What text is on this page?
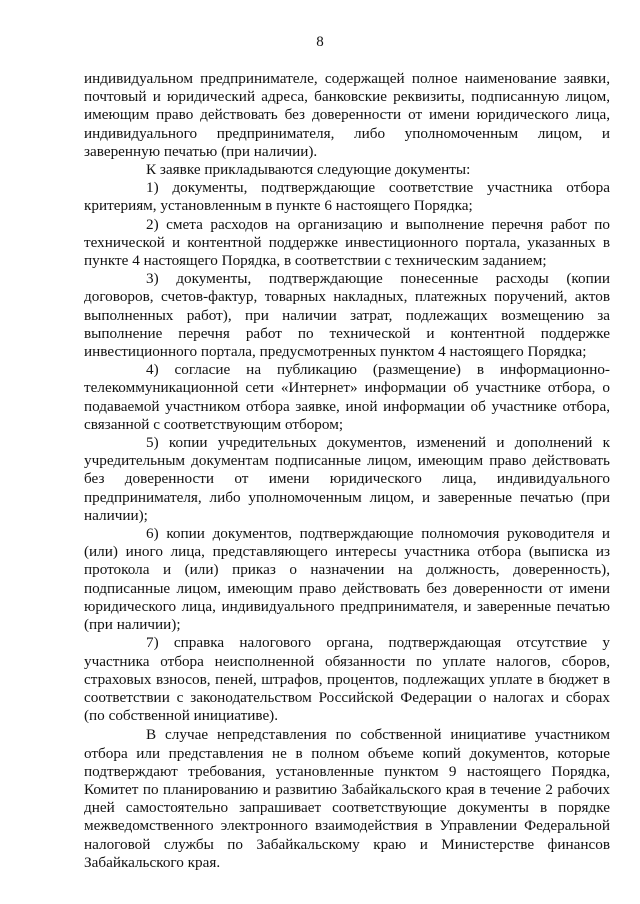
8

индивидуальном предпринимателе, содержащей полное наименование заявки, почтовый и юридический адреса, банковские реквизиты, подписанную лицом, имеющим право действовать без доверенности от имени юридического лица, индивидуального предпринимателя, либо уполномоченным лицом, и заверенную печатью (при наличии).

К заявке прикладываются следующие документы:

1) документы, подтверждающие соответствие участника отбора критериям, установленным в пункте 6 настоящего Порядка;

2) смета расходов на организацию и выполнение перечня работ по технической и контентной поддержке инвестиционного портала, указанных в пункте 4 настоящего Порядка, в соответствии с техническим заданием;

3) документы, подтверждающие понесенные расходы (копии договоров, счетов-фактур, товарных накладных, платежных поручений, актов выполненных работ), при наличии затрат, подлежащих возмещению за выполнение перечня работ по технической и контентной поддержке инвестиционного портала, предусмотренных пунктом 4 настоящего Порядка;

4) согласие на публикацию (размещение) в информационно-телекоммуникационной сети «Интернет» информации об участнике отбора, о подаваемой участником отбора заявке, иной информации об участнике отбора, связанной с соответствующим отбором;

5) копии учредительных документов, изменений и дополнений к учредительным документам подписанные лицом, имеющим право действовать без доверенности от имени юридического лица, индивидуального предпринимателя, либо уполномоченным лицом, и заверенные печатью (при наличии);

6) копии документов, подтверждающие полномочия руководителя и (или) иного лица, представляющего интересы участника отбора (выписка из протокола и (или) приказ о назначении на должность, доверенность), подписанные лицом, имеющим право действовать без доверенности от имени юридического лица, индивидуального предпринимателя, и заверенные печатью (при наличии);

7) справка налогового органа, подтверждающая отсутствие у участника отбора неисполненной обязанности по уплате налогов, сборов, страховых взносов, пеней, штрафов, процентов, подлежащих уплате в бюджет в соответствии с законодательством Российской Федерации о налогах и сборах (по собственной инициативе).

В случае непредставления по собственной инициативе участником отбора или представления не в полном объеме копий документов, которые подтверждают требования, установленные пунктом 9 настоящего Порядка, Комитет по планированию и развитию Забайкальского края в течение 2 рабочих дней самостоятельно запрашивает соответствующие документы в порядке межведомственного электронного взаимодействия в Управлении Федеральной налоговой службы по Забайкальскому краю и Министерстве финансов Забайкальского края.
